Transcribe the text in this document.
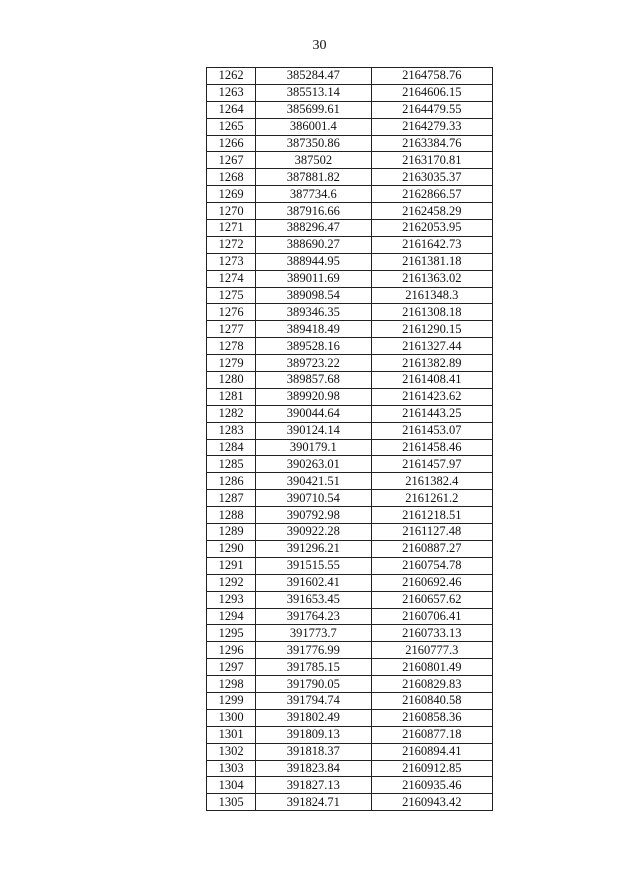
30
1262	385284.47	2164758.76
1263	385513.14	2164606.15
1264	385699.61	2164479.55
1265	386001.4	2164279.33
1266	387350.86	2163384.76
1267	387502	2163170.81
1268	387881.82	2163035.37
1269	387734.6	2162866.57
1270	387916.66	2162458.29
1271	388296.47	2162053.95
1272	388690.27	2161642.73
1273	388944.95	2161381.18
1274	389011.69	2161363.02
1275	389098.54	2161348.3
1276	389346.35	2161308.18
1277	389418.49	2161290.15
1278	389528.16	2161327.44
1279	389723.22	2161382.89
1280	389857.68	2161408.41
1281	389920.98	2161423.62
1282	390044.64	2161443.25
1283	390124.14	2161453.07
1284	390179.1	2161458.46
1285	390263.01	2161457.97
1286	390421.51	2161382.4
1287	390710.54	2161261.2
1288	390792.98	2161218.51
1289	390922.28	2161127.48
1290	391296.21	2160887.27
1291	391515.55	2160754.78
1292	391602.41	2160692.46
1293	391653.45	2160657.62
1294	391764.23	2160706.41
1295	391773.7	2160733.13
1296	391776.99	2160777.3
1297	391785.15	2160801.49
1298	391790.05	2160829.83
1299	391794.74	2160840.58
1300	391802.49	2160858.36
1301	391809.13	2160877.18
1302	391818.37	2160894.41
1303	391823.84	2160912.85
1304	391827.13	2160935.46
1305	391824.71	2160943.42
